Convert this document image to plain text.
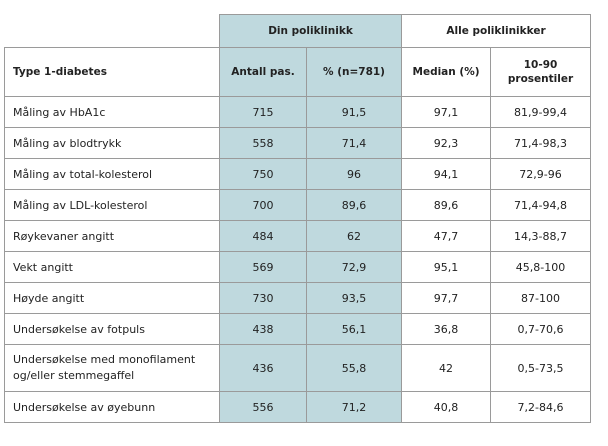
	Din poliklinikk		Alle poliklinikker	
Type 1-diabetes	Antall pas.	% (n=781)	Median (%)	10-90
prosentiler
Måling av HbA1c	715	91,5	97,1	81,9-99,4
Måling av blodtrykk	558	71,4	92,3	71,4-98,3
Måling av total-kolesterol	750	96	94,1	72,9-96
Måling av LDL-kolesterol	700	89,6	89,6	71,4-94,8
Røykevaner angitt	484	62	47,7	14,3-88,7
Vekt angitt	569	72,9	95,1	45,8-100
Høyde angitt	730	93,5	97,7	87-100
Undersøkelse av fotpuls	438	56,1	36,8	0,7-70,6
Undersøkelse med monofilament
og/eller stemmegaffel	436	55,8	42	0,5-73,5
Undersøkelse av øyebunn	556	71,2	40,8	7,2-84,6
